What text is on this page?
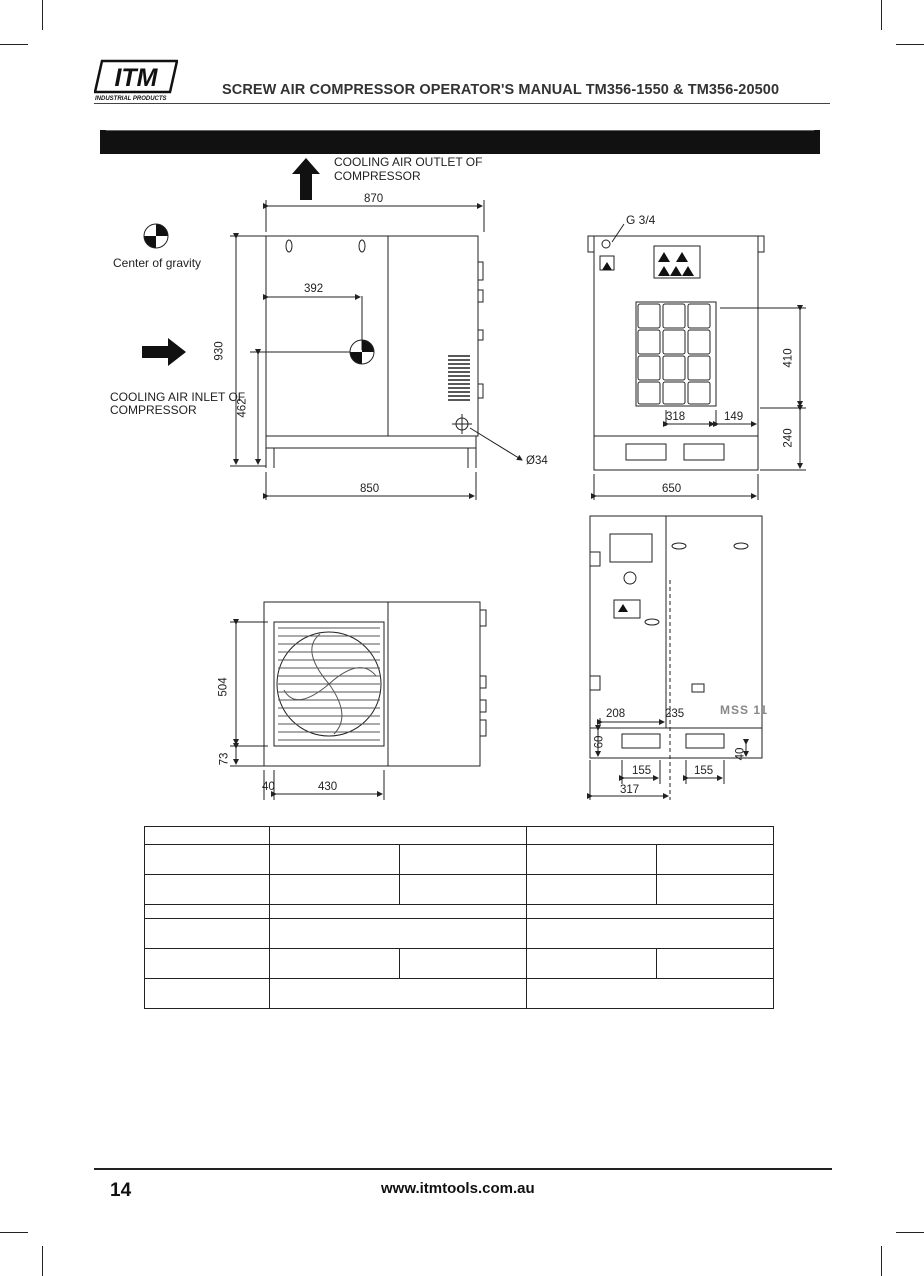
ITM
INDUSTRIAL PRODUCTS
SCREW AIR COMPRESSOR OPERATOR'S MANUAL TM356-1550 & TM356-20500
COOLING AIR OUTLET OF
COMPRESSOR
Center of gravity
COOLING AIR INLET OF
COMPRESSOR
G 3/4
MSS 11
870
392
930
462
Ø34
850
410
240
318	149
650
504
73
40	430
208	235
60
40
155	155
317

14	www.itmtools.com.au
